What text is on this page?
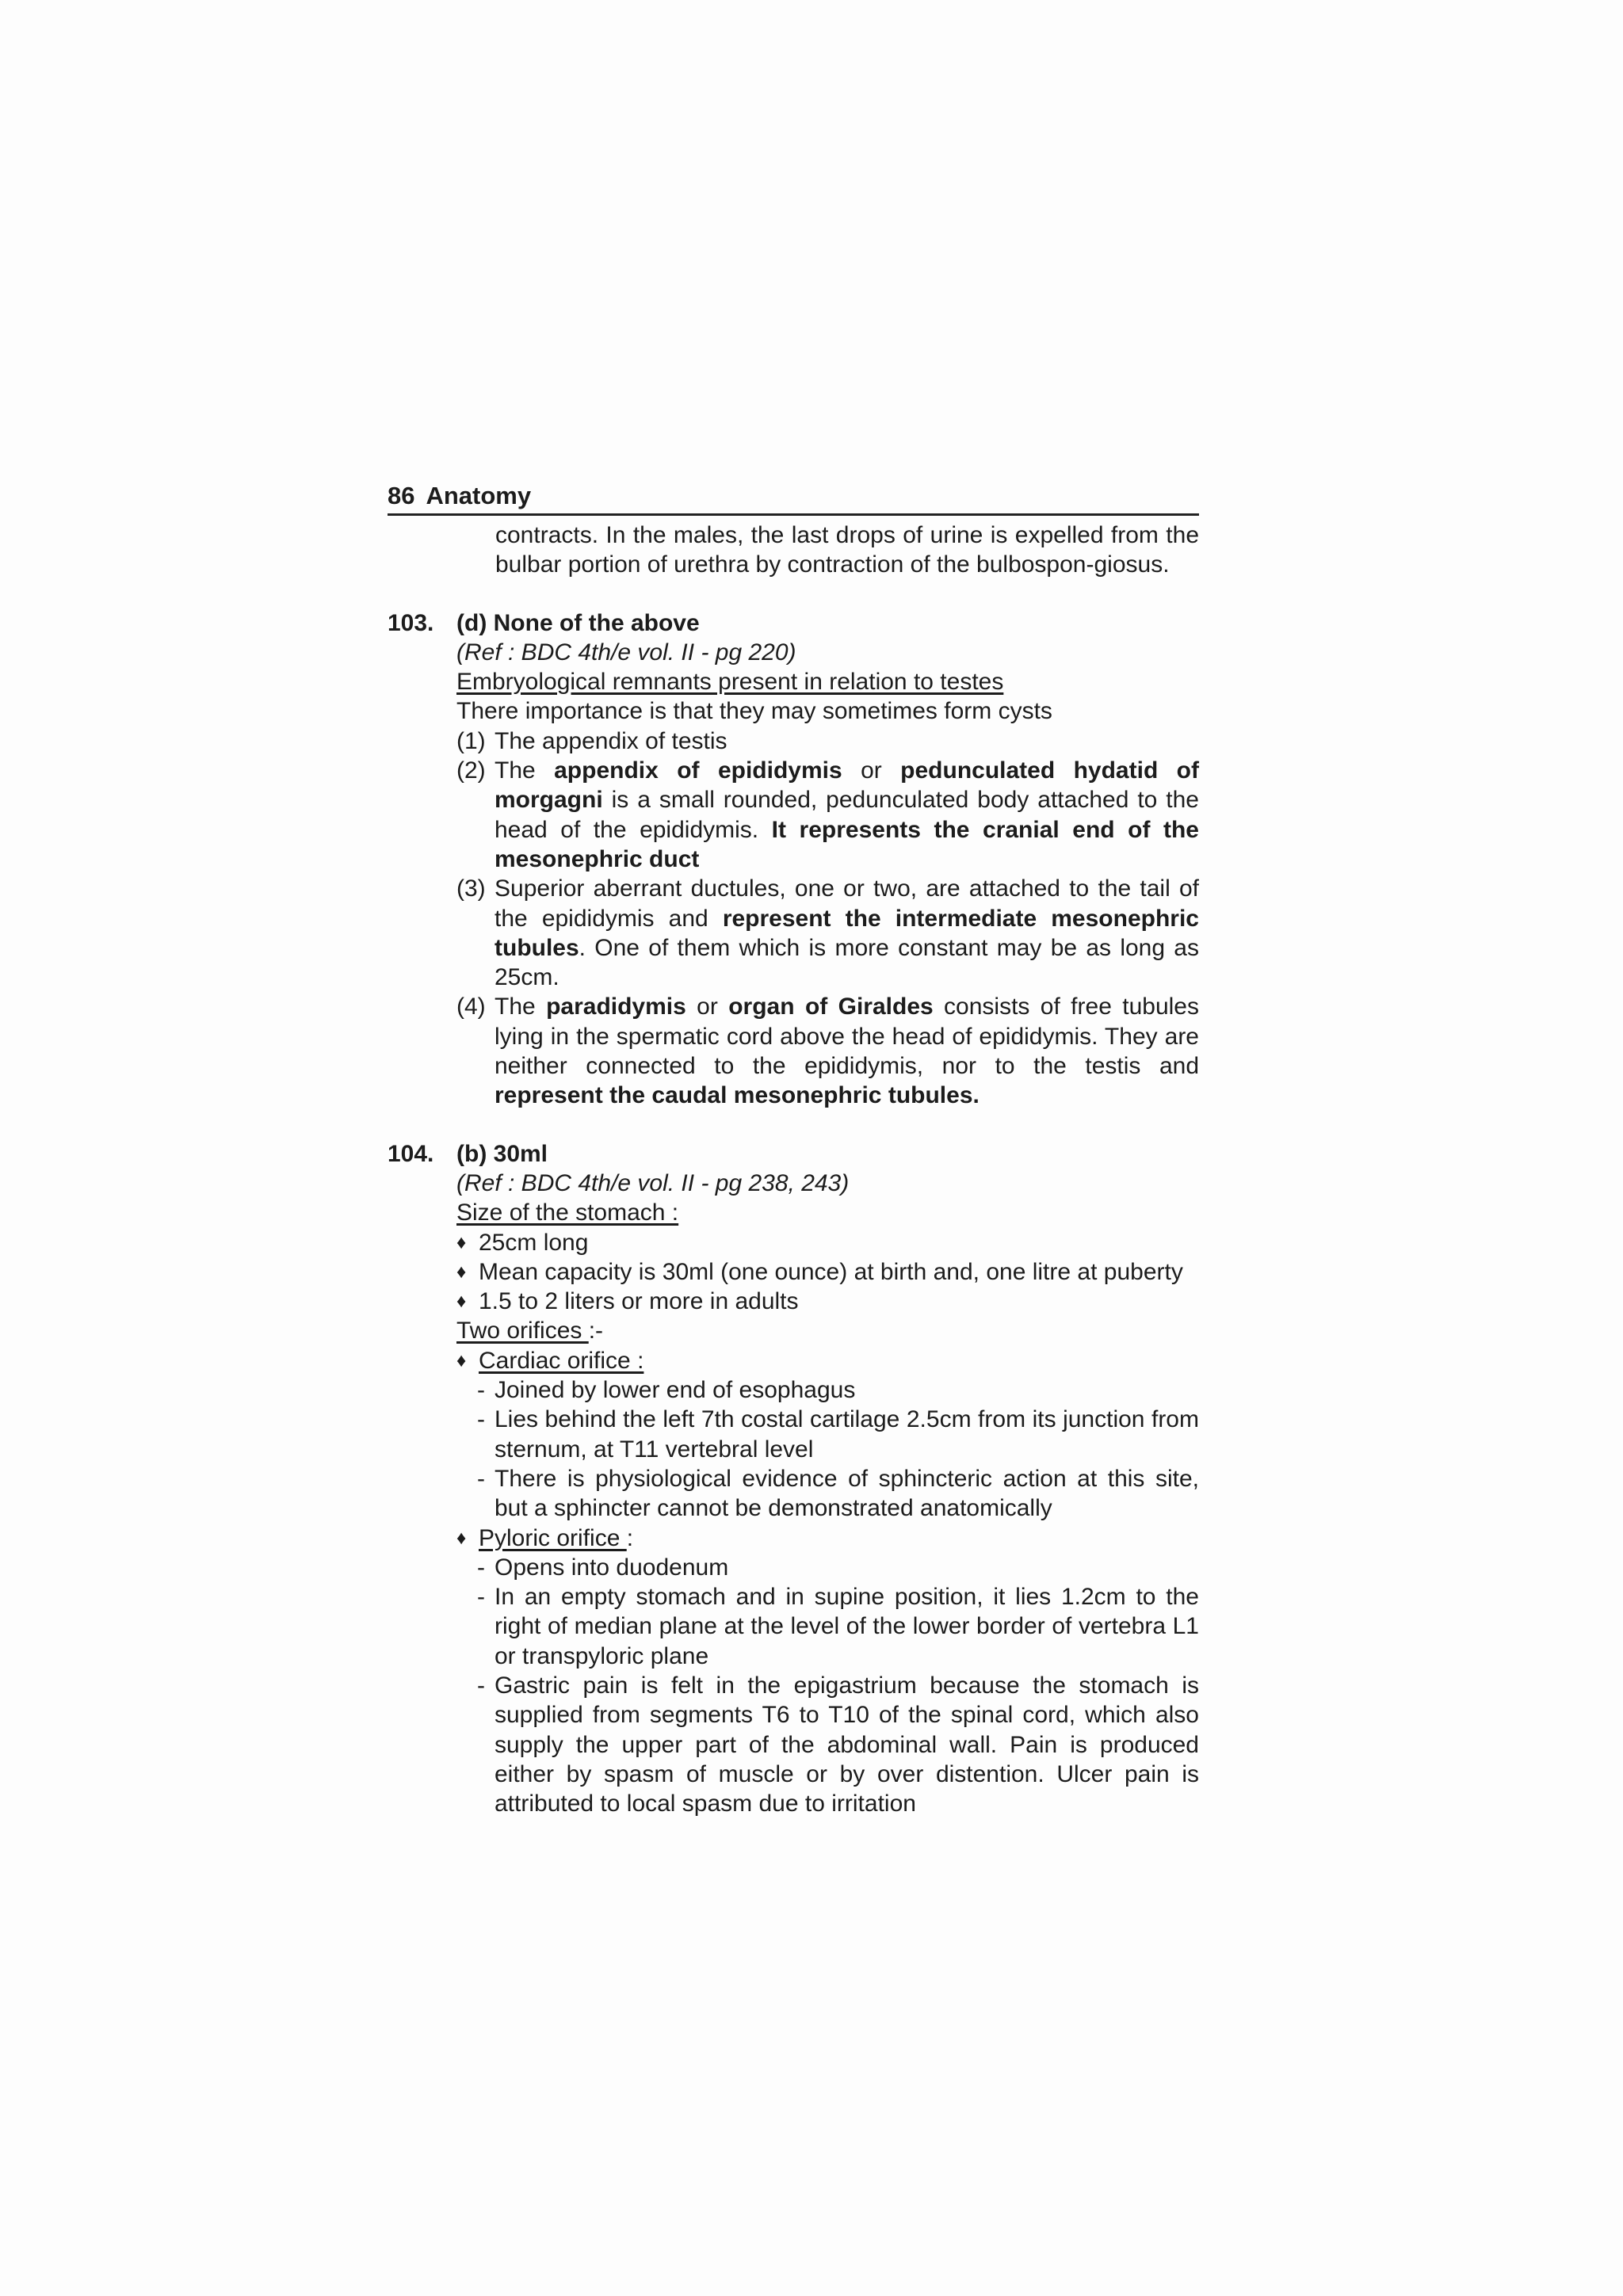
86 Anatomy
contracts. In the males, the last drops of urine is expelled from the bulbar portion of urethra by contraction of the bulbospon-giosus.
103. (d) None of the above
(Ref : BDC 4th/e vol. II - pg 220)
Embryological remnants present in relation to testes
There importance is that they may sometimes form cysts
(1) The appendix of testis
(2) The appendix of epididymis or pedunculated hydatid of morgagni is a small rounded, pedunculated body attached to the head of the epididymis. It represents the cranial end of the mesonephric duct
(3) Superior aberrant ductules, one or two, are attached to the tail of the epididymis and represent the intermediate mesonephric tubules. One of them which is more constant may be as long as 25cm.
(4) The paradidymis or organ of Giraldes consists of free tubules lying in the spermatic cord above the head of epididymis. They are neither connected to the epididymis, nor to the testis and represent the caudal mesonephric tubules.
104. (b) 30ml
(Ref : BDC 4th/e vol. II - pg 238, 243)
Size of the stomach :
♦ 25cm long
♦ Mean capacity is 30ml (one ounce) at birth and, one litre at puberty
♦ 1.5 to 2 liters or more in adults
Two orifices :-
♦ Cardiac orifice :
- Joined by lower end of esophagus
- Lies behind the left 7th costal cartilage 2.5cm from its junction from sternum, at T11 vertebral level
- There is physiological evidence of sphincteric action at this site, but a sphincter cannot be demonstrated anatomically
♦ Pyloric orifice :
- Opens into duodenum
- In an empty stomach and in supine position, it lies 1.2cm to the right of median plane at the level of the lower border of vertebra L1 or transpyloric plane
- Gastric pain is felt in the epigastrium because the stomach is supplied from segments T6 to T10 of the spinal cord, which also supply the upper part of the abdominal wall. Pain is produced either by spasm of muscle or by over distention. Ulcer pain is attributed to local spasm due to irritation
